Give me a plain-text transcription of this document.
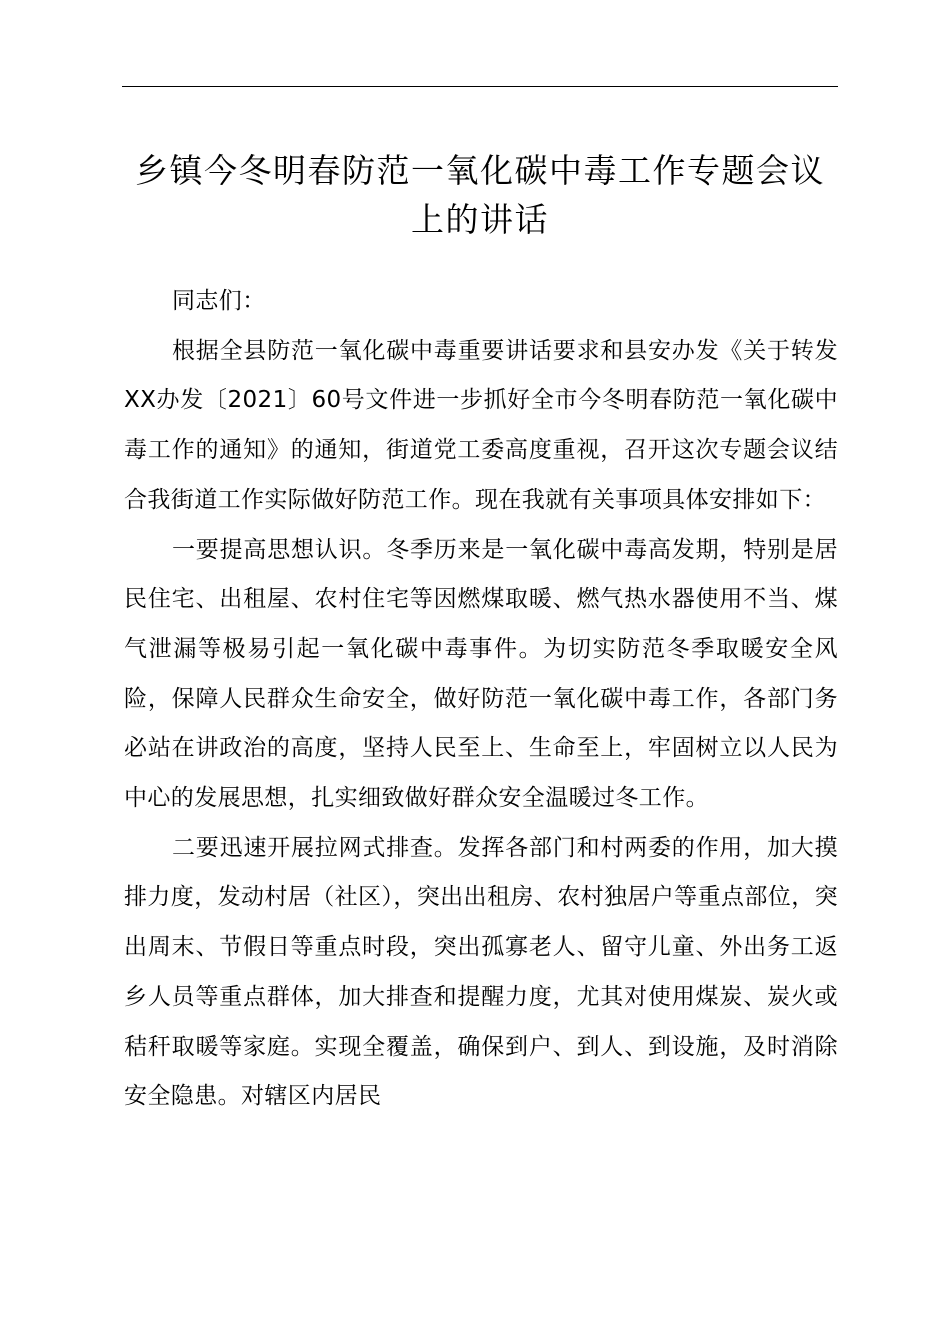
乡镇今冬明春防范一氧化碳中毒工作专题会议
上的讲话

同志们：

根据全县防范一氧化碳中毒重要讲话要求和县安办发《关于转发XX办发〔2021〕60号文件进一步抓好全市今冬明春防范一氧化碳中毒工作的通知》的通知，街道党工委高度重视，召开这次专题会议结合我街道工作实际做好防范工作。现在我就有关事项具体安排如下：

一要提高思想认识。冬季历来是一氧化碳中毒高发期，特别是居民住宅、出租屋、农村住宅等因燃煤取暖、燃气热水器使用不当、煤气泄漏等极易引起一氧化碳中毒事件。为切实防范冬季取暖安全风险，保障人民群众生命安全，做好防范一氧化碳中毒工作，各部门务必站在讲政治的高度，坚持人民至上、生命至上，牢固树立以人民为中心的发展思想，扎实细致做好群众安全温暖过冬工作。

二要迅速开展拉网式排查。发挥各部门和村两委的作用，加大摸排力度，发动村居（社区），突出出租房、农村独居户等重点部位，突出周末、节假日等重点时段，突出孤寡老人、留守儿童、外出务工返乡人员等重点群体，加大排查和提醒力度，尤其对使用煤炭、炭火或秸秆取暖等家庭。实现全覆盖，确保到户、到人、到设施，及时消除安全隐患。对辖区内居民
